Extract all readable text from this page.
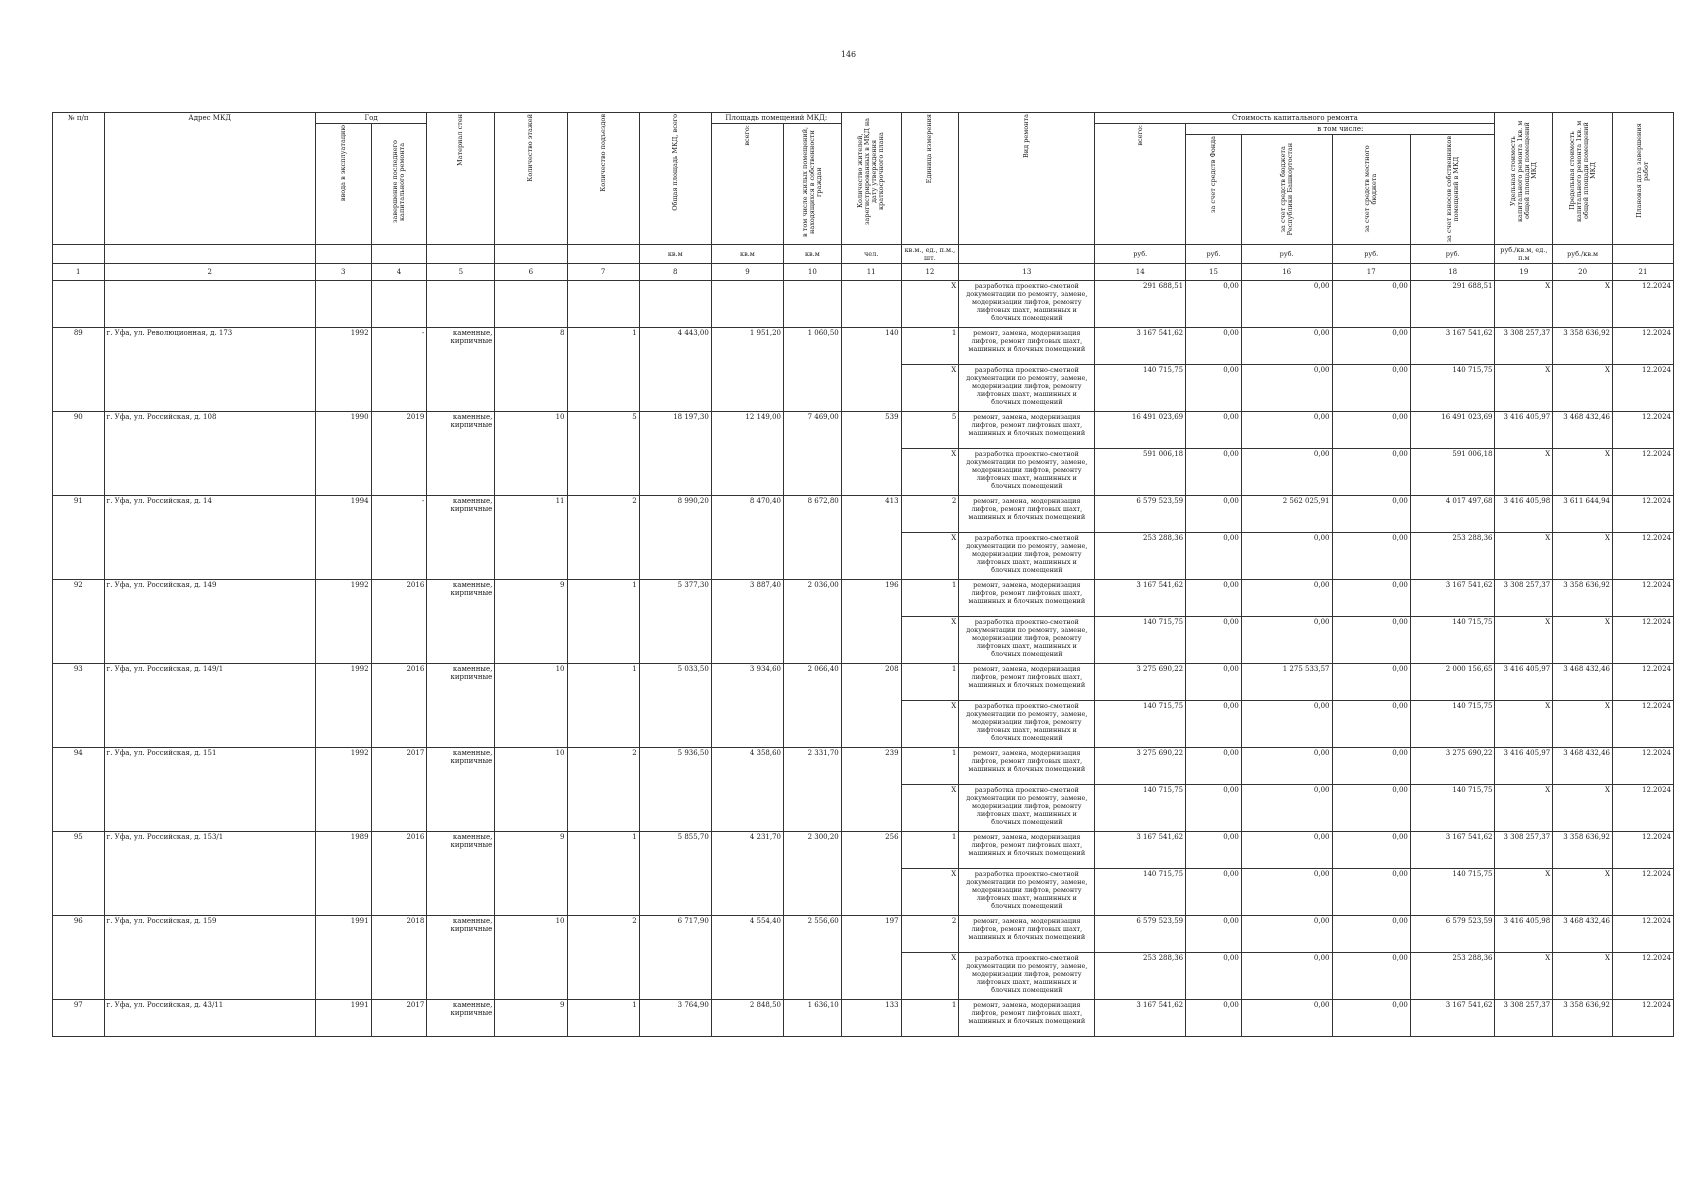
146
№ п/п	Адрес МКД	Год		Материал стен	Количество этажей	Количество подъездов	Общая площадь МКД, всего	Площадь помещений МКД:		Количество жителей, зарегистрированных в МКД на дату утверждения краткосрочного плана	Единица измерения	Вид ремонта	Стоимость капитального ремонта					Удельная стоимость капитального ремонта 1кв. м общей площади помещений МКД	Предельная стоимость капитального ремонта 1кв. м общей площади помещений МКД	Плановая дата завершения работ
		ввода в эксплуатацию	завершение последнего капитального ремонта					всего:	в том числе жилых помещений, находящихся в собственности граждан				всего:	в том числе:						
														за счет средств Фонда	за счет средств бюджета Республики Башкортостан	за счет средств местного бюджета	за счет взносов собственников помещений в МКД			
							кв.м	кв.м	кв.м	чел.	кв.м., ед., п.м., шт.		руб.	руб.	руб.	руб.	руб.	руб./кв.м, ед., п.м	руб./кв.м	
1	2	3	4	5	6	7	8	9	10	11	12	13	14	15	16	17	18	19	20	21
											X	разработка проектно-сметной документации по ремонту, замене, модернизации лифтов, ремонту лифтовых шахт, машинных и блочных помещений	291 688,51	0,00	0,00	0,00	291 688,51	X	X	12.2024
89	г. Уфа, ул. Революционная, д. 173	1992	-	каменные, кирпичные	8	1	4 443,00	1 951,20	1 060,50	140	1	ремонт, замена, модернизация лифтов, ремонт лифтовых шахт, машинных и блочных помещений	3 167 541,62	0,00	0,00	0,00	3 167 541,62	3 308 257,37	3 358 636,92	12.2024
											X	разработка проектно-сметной документации по ремонту, замене, модернизации лифтов, ремонту лифтовых шахт, машинных и блочных помещений	140 715,75	0,00	0,00	0,00	140 715,75	X	X	12.2024
90	г. Уфа, ул. Российская, д. 108	1990	2019	каменные, кирпичные	10	5	18 197,30	12 149,00	7 469,00	539	5	ремонт, замена, модернизация лифтов, ремонт лифтовых шахт, машинных и блочных помещений	16 491 023,69	0,00	0,00	0,00	16 491 023,69	3 416 405,97	3 468 432,46	12.2024
											X	разработка проектно-сметной документации по ремонту, замене, модернизации лифтов, ремонту лифтовых шахт, машинных и блочных помещений	591 006,18	0,00	0,00	0,00	591 006,18	X	X	12.2024
91	г. Уфа, ул. Российская, д. 14	1994	-	каменные, кирпичные	11	2	8 990,20	8 470,40	8 672,80	413	2	ремонт, замена, модернизация лифтов, ремонт лифтовых шахт, машинных и блочных помещений	6 579 523,59	0,00	2 562 025,91	0,00	4 017 497,68	3 416 405,98	3 611 644,94	12.2024
											X	разработка проектно-сметной документации по ремонту, замене, модернизации лифтов, ремонту лифтовых шахт, машинных и блочных помещений	253 288,36	0,00	0,00	0,00	253 288,36	X	X	12.2024
92	г. Уфа, ул. Российская, д. 149	1992	2016	каменные, кирпичные	9	1	5 377,30	3 887,40	2 036,00	196	1	ремонт, замена, модернизация лифтов, ремонт лифтовых шахт, машинных и блочных помещений	3 167 541,62	0,00	0,00	0,00	3 167 541,62	3 308 257,37	3 358 636,92	12.2024
											X	разработка проектно-сметной документации по ремонту, замене, модернизации лифтов, ремонту лифтовых шахт, машинных и блочных помещений	140 715,75	0,00	0,00	0,00	140 715,75	X	X	12.2024
93	г. Уфа, ул. Российская, д. 149/1	1992	2016	каменные, кирпичные	10	1	5 033,50	3 934,60	2 066,40	208	1	ремонт, замена, модернизация лифтов, ремонт лифтовых шахт, машинных и блочных помещений	3 275 690,22	0,00	1 275 533,57	0,00	2 000 156,65	3 416 405,97	3 468 432,46	12.2024
											X	разработка проектно-сметной документации по ремонту, замене, модернизации лифтов, ремонту лифтовых шахт, машинных и блочных помещений	140 715,75	0,00	0,00	0,00	140 715,75	X	X	12.2024
94	г. Уфа, ул. Российская, д. 151	1992	2017	каменные, кирпичные	10	2	5 936,50	4 358,60	2 331,70	239	1	ремонт, замена, модернизация лифтов, ремонт лифтовых шахт, машинных и блочных помещений	3 275 690,22	0,00	0,00	0,00	3 275 690,22	3 416 405,97	3 468 432,46	12.2024
											X	разработка проектно-сметной документации по ремонту, замене, модернизации лифтов, ремонту лифтовых шахт, машинных и блочных помещений	140 715,75	0,00	0,00	0,00	140 715,75	X	X	12.2024
95	г. Уфа, ул. Российская, д. 153/1	1989	2016	каменные, кирпичные	9	1	5 855,70	4 231,70	2 300,20	256	1	ремонт, замена, модернизация лифтов, ремонт лифтовых шахт, машинных и блочных помещений	3 167 541,62	0,00	0,00	0,00	3 167 541,62	3 308 257,37	3 358 636,92	12.2024
											X	разработка проектно-сметной документации по ремонту, замене, модернизации лифтов, ремонту лифтовых шахт, машинных и блочных помещений	140 715,75	0,00	0,00	0,00	140 715,75	X	X	12.2024
96	г. Уфа, ул. Российская, д. 159	1991	2018	каменные, кирпичные	10	2	6 717,90	4 554,40	2 556,60	197	2	ремонт, замена, модернизация лифтов, ремонт лифтовых шахт, машинных и блочных помещений	6 579 523,59	0,00	0,00	0,00	6 579 523,59	3 416 405,98	3 468 432,46	12.2024
											X	разработка проектно-сметной документации по ремонту, замене, модернизации лифтов, ремонту лифтовых шахт, машинных и блочных помещений	253 288,36	0,00	0,00	0,00	253 288,36	X	X	12.2024
97	г. Уфа, ул. Российская, д. 43/11	1991	2017	каменные, кирпичные	9	1	3 764,90	2 848,50	1 636,10	133	1	ремонт, замена, модернизация лифтов, ремонт лифтовых шахт, машинных и блочных помещений	3 167 541,62	0,00	0,00	0,00	3 167 541,62	3 308 257,37	3 358 636,92	12.2024
